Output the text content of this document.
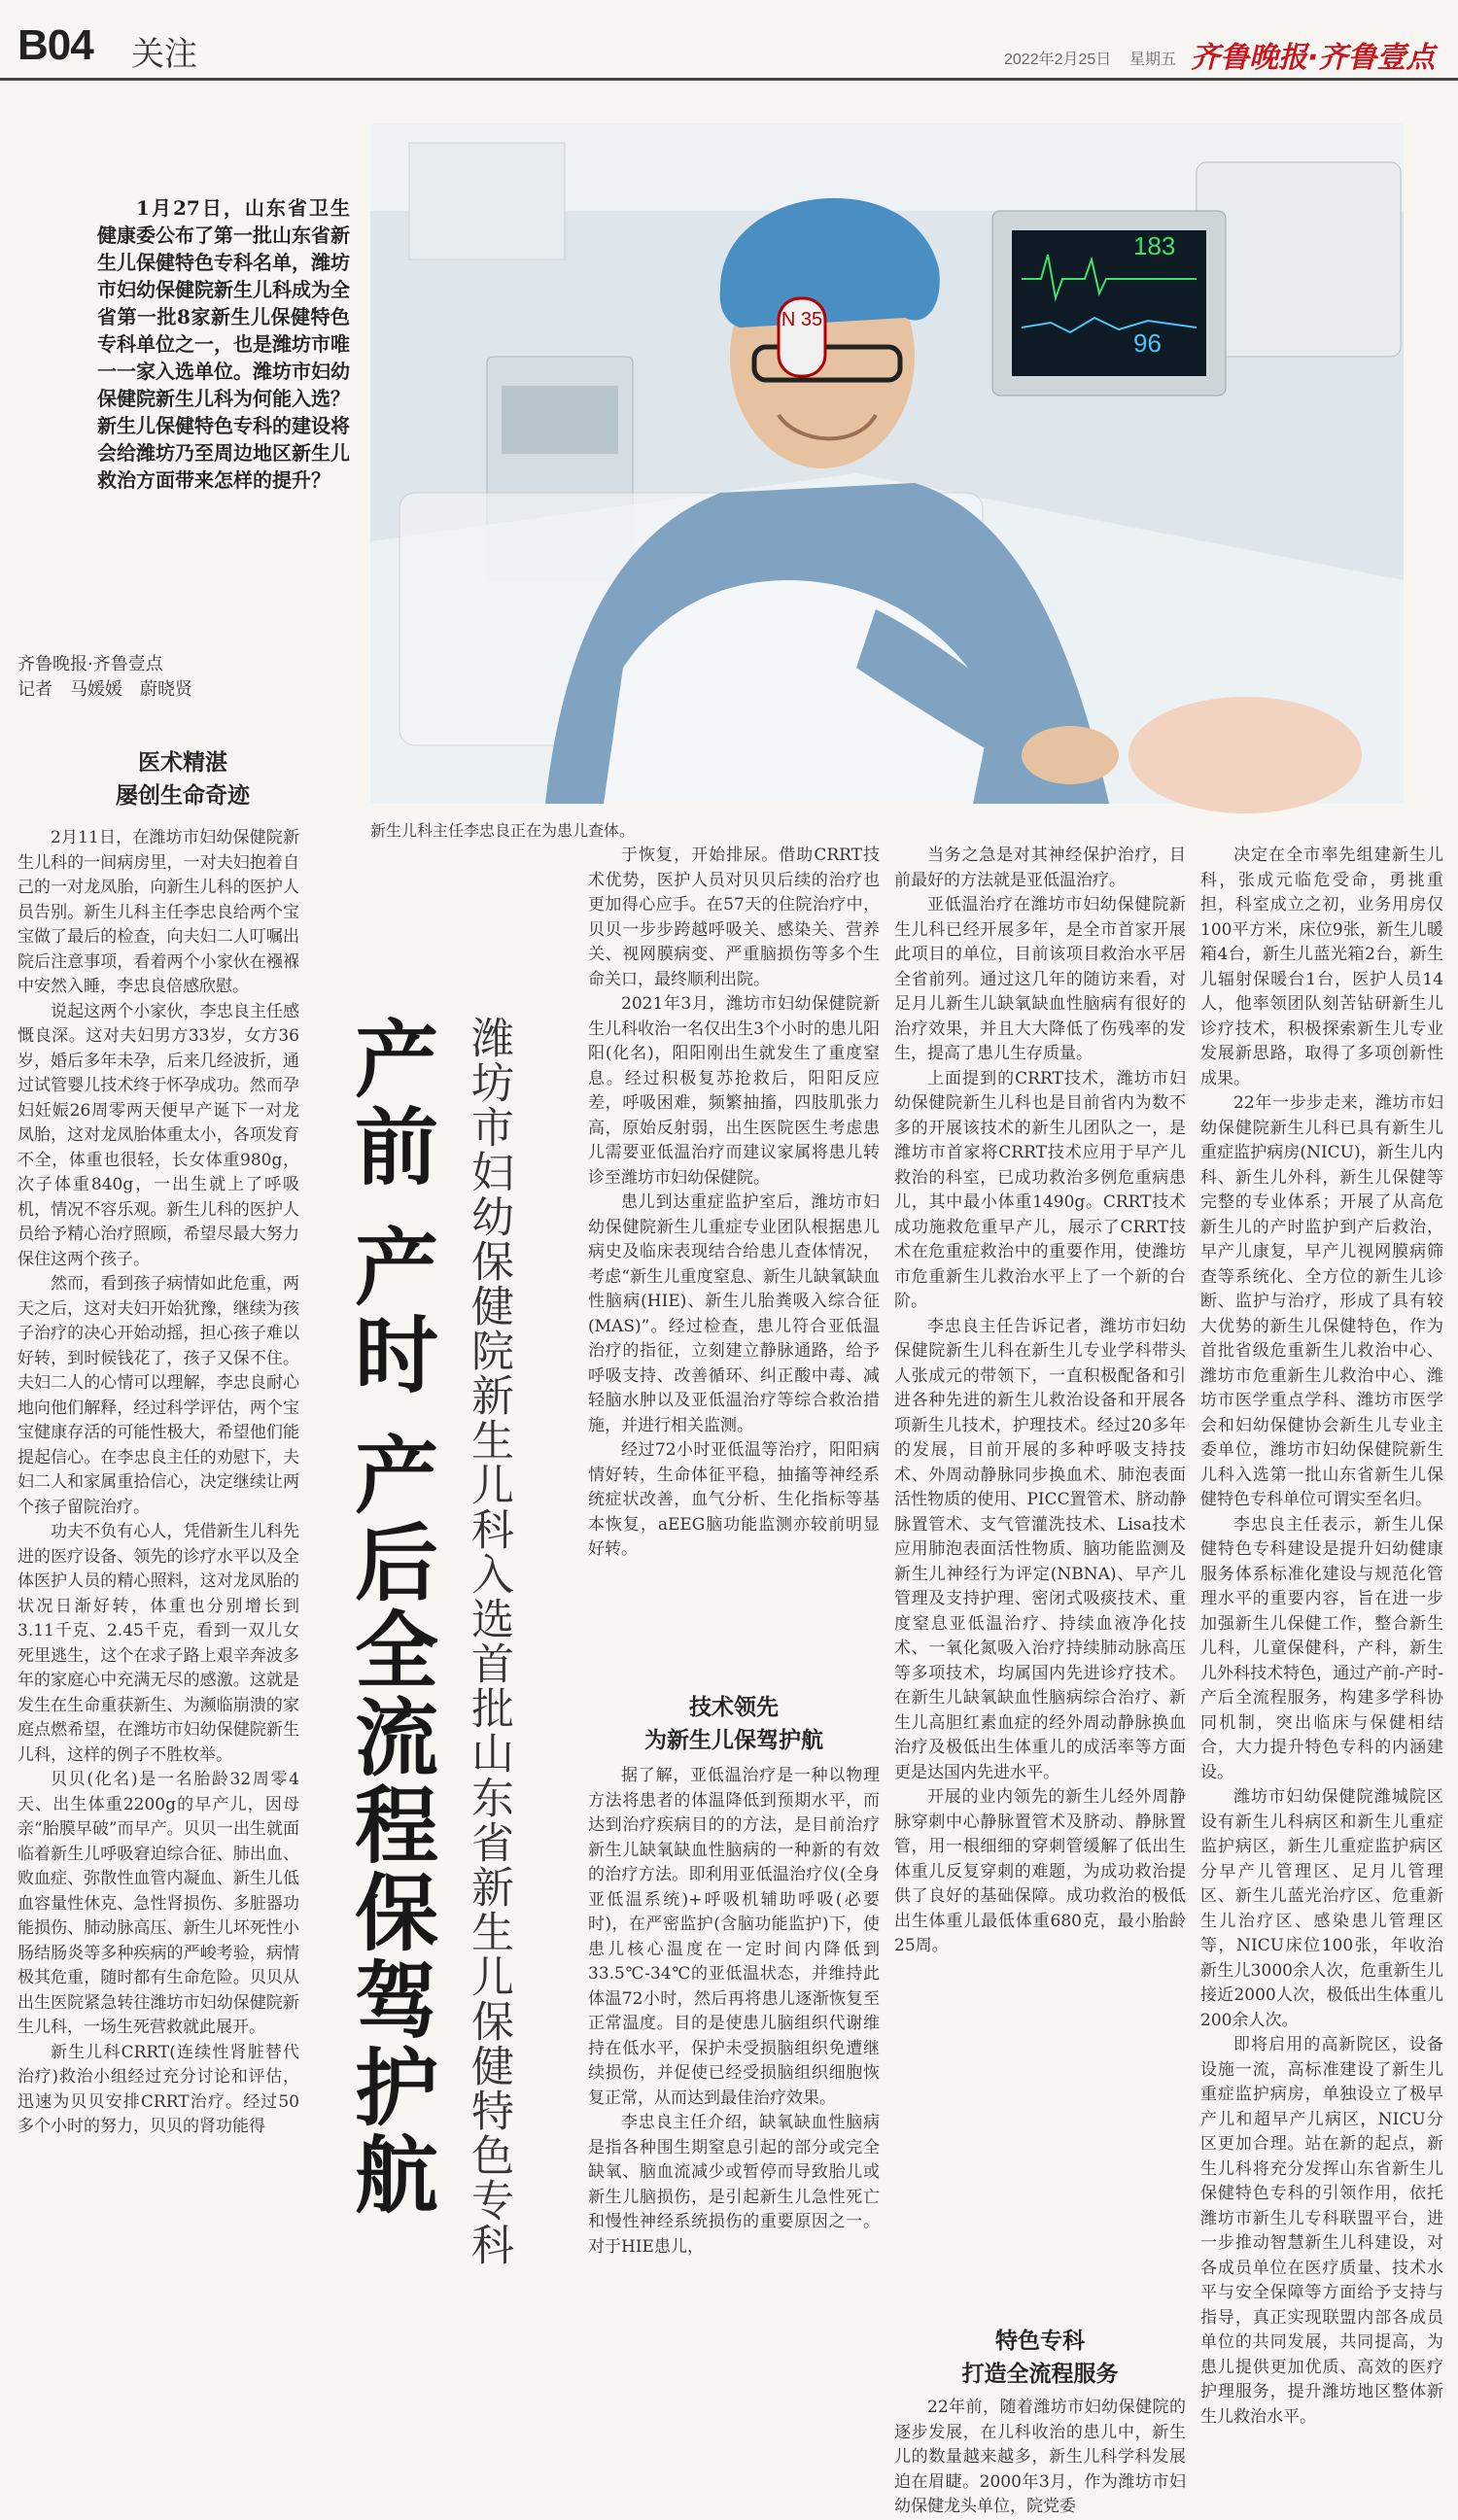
B04 关注	2022年2月25日 星期五 齐鲁晚报·齐鲁壹点
183
96
N 35
新生儿科主任李忠良正在为患儿查体。
1月27日，山东省卫生健康委公布了第一批山东省新生儿保健特色专科名单，潍坊市妇幼保健院新生儿科成为全省第一批8家新生儿保健特色专科单位之一，也是潍坊市唯一一家入选单位。潍坊市妇幼保健院新生儿科为何能入选？新生儿保健特色专科的建设将会给潍坊乃至周边地区新生儿救治方面带来怎样的提升？
齐鲁晚报·齐鲁壹点
记者　马媛媛　蔚晓贤
医术精湛
屡创生命奇迹

2月11日，在潍坊市妇幼保健院新生儿科的一间病房里，一对夫妇抱着自己的一对龙凤胎，向新生儿科的医护人员告别。新生儿科主任李忠良给两个宝宝做了最后的检查，向夫妇二人叮嘱出院后注意事项，看着两个小家伙在襁褓中安然入睡，李忠良倍感欣慰。

说起这两个小家伙，李忠良主任感慨良深。这对夫妇男方33岁，女方36岁，婚后多年未孕，后来几经波折，通过试管婴儿技术终于怀孕成功。然而孕妇妊娠26周零两天便早产诞下一对龙凤胎，这对龙凤胎体重太小，各项发育不全，体重也很轻，长女体重980g，次子体重840g，一出生就上了呼吸机，情况不容乐观。新生儿科的医护人员给予精心治疗照顾，希望尽最大努力保住这两个孩子。

然而，看到孩子病情如此危重，两天之后，这对夫妇开始犹豫，继续为孩子治疗的决心开始动摇，担心孩子难以好转，到时候钱花了，孩子又保不住。夫妇二人的心情可以理解，李忠良耐心地向他们解释，经过科学评估，两个宝宝健康存活的可能性极大，希望他们能提起信心。在李忠良主任的劝慰下，夫妇二人和家属重拾信心，决定继续让两个孩子留院治疗。

功夫不负有心人，凭借新生儿科先进的医疗设备、领先的诊疗水平以及全体医护人员的精心照料，这对龙凤胎的状况日渐好转，体重也分别增长到3.11千克、2.45千克，看到一双儿女死里逃生，这个在求子路上艰辛奔波多年的家庭心中充满无尽的感激。这就是发生在生命重获新生、为濒临崩溃的家庭点燃希望，在潍坊市妇幼保健院新生儿科，这样的例子不胜枚举。

贝贝(化名)是一名胎龄32周零4天、出生体重2200g的早产儿，因母亲“胎膜早破”而早产。贝贝一出生就面临着新生儿呼吸窘迫综合征、肺出血、败血症、弥散性血管内凝血、新生儿低血容量性休克、急性肾损伤、多脏器功能损伤、肺动脉高压、新生儿坏死性小肠结肠炎等多种疾病的严峻考验，病情极其危重，随时都有生命危险。贝贝从出生医院紧急转往潍坊市妇幼保健院新生儿科，一场生死营救就此展开。

新生儿科CRRT(连续性肾脏替代治疗)救治小组经过充分讨论和评估，迅速为贝贝安排CRRT治疗。经过50多个小时的努力，贝贝的肾功能得 产前 产时 产后全流程保驾护航 潍坊市妇幼保健院新生儿科入选首批山东省新生儿保健特色专科

于恢复，开始排尿。借助CRRT技术优势，医护人员对贝贝后续的治疗也更加得心应手。在57天的住院治疗中，贝贝一步步跨越呼吸关、感染关、营养关、视网膜病变、严重脑损伤等多个生命关口，最终顺利出院。

2021年3月，潍坊市妇幼保健院新生儿科收治一名仅出生3个小时的患儿阳阳(化名)，阳阳刚出生就发生了重度窒息。经过积极复苏抢救后，阳阳反应差，呼吸困难，频繁抽搐，四肢肌张力高，原始反射弱，出生医院医生考虑患儿需要亚低温治疗而建议家属将患儿转诊至潍坊市妇幼保健院。

患儿到达重症监护室后，潍坊市妇幼保健院新生儿重症专业团队根据患儿病史及临床表现结合给患儿查体情况，考虑“新生儿重度窒息、新生儿缺氧缺血性脑病(HIE)、新生儿胎粪吸入综合征(MAS)”。经过检查，患儿符合亚低温治疗的指征，立刻建立静脉通路，给予呼吸支持、改善循环、纠正酸中毒、减轻脑水肿以及亚低温治疗等综合救治措施，并进行相关监测。

经过72小时亚低温等治疗，阳阳病情好转，生命体征平稳，抽搐等神经系统症状改善，血气分析、生化指标等基本恢复，aEEG脑功能监测亦较前明显好转。

技术领先
为新生儿保驾护航

据了解，亚低温治疗是一种以物理方法将患者的体温降低到预期水平，而达到治疗疾病目的的方法，是目前治疗新生儿缺氧缺血性脑病的一种新的有效的治疗方法。即利用亚低温治疗仪(全身亚低温系统)+呼吸机辅助呼吸(必要时)，在严密监护(含脑功能监护)下，使患儿核心温度在一定时间内降低到33.5℃-34℃的亚低温状态，并维持此体温72小时，然后再将患儿逐渐恢复至正常温度。目的是使患儿脑组织代谢维持在低水平，保护未受损脑组织免遭继续损伤，并促使已经受损脑组织细胞恢复正常，从而达到最佳治疗效果。

李忠良主任介绍，缺氧缺血性脑病是指各种围生期窒息引起的部分或完全缺氧、脑血流减少或暂停而导致胎儿或新生儿脑损伤，是引起新生儿急性死亡和慢性神经系统损伤的重要原因之一。对于HIE患儿，

当务之急是对其神经保护治疗，目前最好的方法就是亚低温治疗。

亚低温治疗在潍坊市妇幼保健院新生儿科已经开展多年，是全市首家开展此项目的单位，目前该项目救治水平居全省前列。通过这几年的随访来看，对足月儿新生儿缺氧缺血性脑病有很好的治疗效果，并且大大降低了伤残率的发生，提高了患儿生存质量。

上面提到的CRRT技术，潍坊市妇幼保健院新生儿科也是目前省内为数不多的开展该技术的新生儿团队之一，是潍坊市首家将CRRT技术应用于早产儿救治的科室，已成功救治多例危重病患儿，其中最小体重1490g。CRRT技术成功施救危重早产儿，展示了CRRT技术在危重症救治中的重要作用，使潍坊市危重新生儿救治水平上了一个新的台阶。

李忠良主任告诉记者，潍坊市妇幼保健院新生儿科在新生儿专业学科带头人张成元的带领下，一直积极配备和引进各种先进的新生儿救治设备和开展各项新生儿技术，护理技术。经过20多年的发展，目前开展的多种呼吸支持技术、外周动静脉同步换血术、肺泡表面活性物质的使用、PICC置管术、脐动静脉置管术、支气管灌洗技术、Lisa技术应用肺泡表面活性物质、脑功能监测及新生儿神经行为评定(NBNA)、早产儿管理及支持护理、密闭式吸痰技术、重度窒息亚低温治疗、持续血液净化技术、一氧化氮吸入治疗持续肺动脉高压等多项技术，均属国内先进诊疗技术。在新生儿缺氧缺血性脑病综合治疗、新生儿高胆红素血症的经外周动静脉换血治疗及极低出生体重儿的成活率等方面更是达国内先进水平。

开展的业内领先的新生儿经外周静脉穿刺中心静脉置管术及脐动、静脉置管，用一根细细的穿刺管缓解了低出生体重儿反复穿刺的难题，为成功救治提供了良好的基础保障。成功救治的极低出生体重儿最低体重680克，最小胎龄25周。

特色专科
打造全流程服务

22年前，随着潍坊市妇幼保健院的逐步发展，在儿科收治的患儿中，新生儿的数量越来越多，新生儿科学科发展迫在眉睫。2000年3月，作为潍坊市妇幼保健龙头单位，院党委

决定在全市率先组建新生儿科，张成元临危受命，勇挑重担，科室成立之初，业务用房仅100平方米，床位9张，新生儿暖箱4台，新生儿蓝光箱2台，新生儿辐射保暖台1台，医护人员14人，他率领团队刻苦钻研新生儿诊疗技术，积极探索新生儿专业发展新思路，取得了多项创新性成果。

22年一步步走来，潍坊市妇幼保健院新生儿科已具有新生儿重症监护病房(NICU)，新生儿内科、新生儿外科，新生儿保健等完整的专业体系；开展了从高危新生儿的产时监护到产后救治，早产儿康复，早产儿视网膜病筛查等系统化、全方位的新生儿诊断、监护与治疗，形成了具有较大优势的新生儿保健特色，作为首批省级危重新生儿救治中心、潍坊市危重新生儿救治中心、潍坊市医学重点学科、潍坊市医学会和妇幼保健协会新生儿专业主委单位，潍坊市妇幼保健院新生儿科入选第一批山东省新生儿保健特色专科单位可谓实至名归。

李忠良主任表示，新生儿保健特色专科建设是提升妇幼健康服务体系标准化建设与规范化管理水平的重要内容，旨在进一步加强新生儿保健工作，整合新生儿科，儿童保健科，产科，新生儿外科技术特色，通过产前-产时-产后全流程服务，构建多学科协同机制，突出临床与保健相结合，大力提升特色专科的内涵建设。

潍坊市妇幼保健院潍城院区设有新生儿科病区和新生儿重症监护病区，新生儿重症监护病区分早产儿管理区、足月儿管理区、新生儿蓝光治疗区、危重新生儿治疗区、感染患儿管理区等，NICU床位100张，年收治新生儿3000余人次，危重新生儿接近2000人次，极低出生体重儿200余人次。

即将启用的高新院区，设备设施一流，高标准建设了新生儿重症监护病房，单独设立了极早产儿和超早产儿病区，NICU分区更加合理。站在新的起点，新生儿科将充分发挥山东省新生儿保健特色专科的引领作用，依托潍坊市新生儿专科联盟平台，进一步推动智慧新生儿科建设，对各成员单位在医疗质量、技术水平与安全保障等方面给予支持与指导，真正实现联盟内部各成员单位的共同发展，共同提高，为患儿提供更加优质、高效的医疗护理服务，提升潍坊地区整体新生儿救治水平。
